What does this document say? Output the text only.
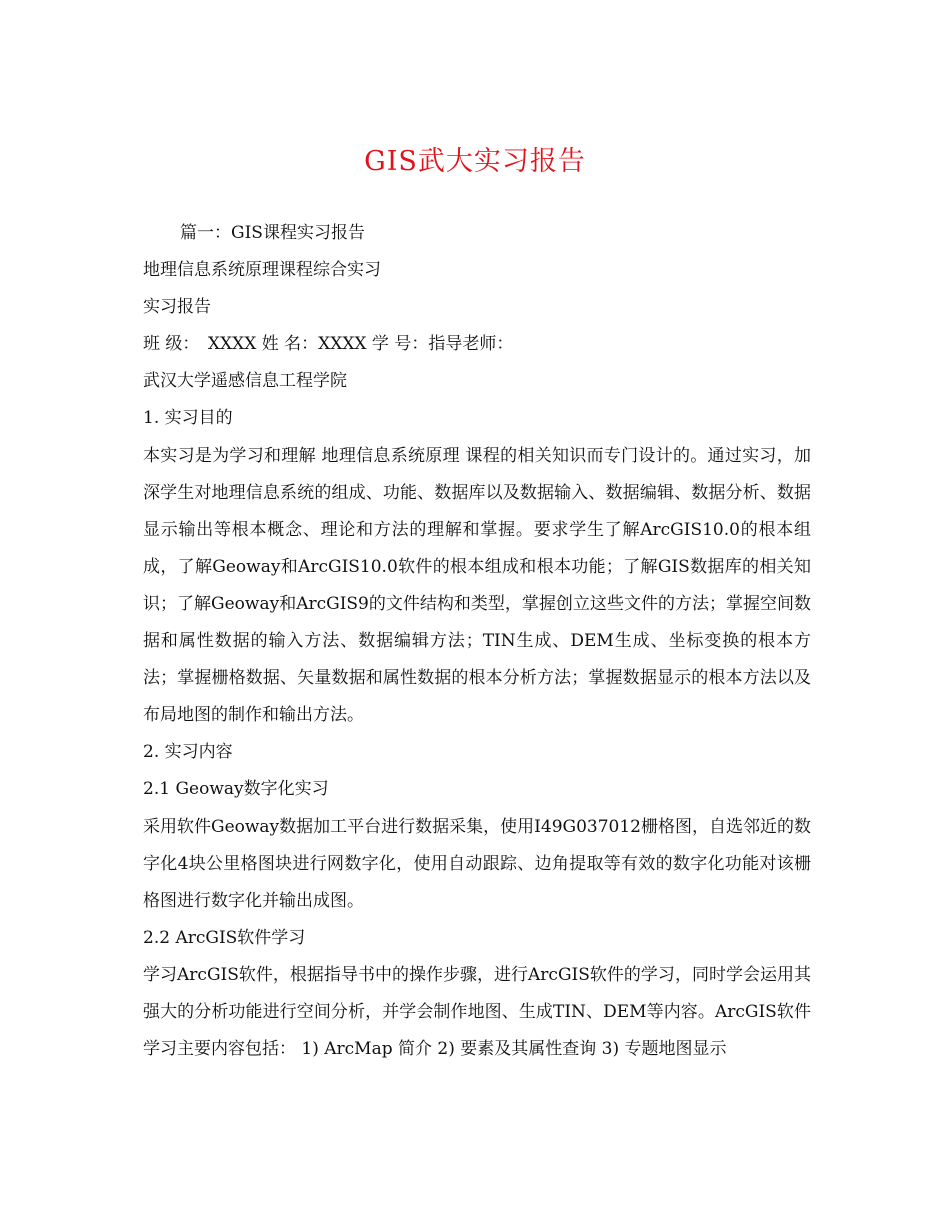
GIS武大实习报告

篇一：GIS课程实习报告

地理信息系统原理课程综合实习

实习报告

班 级：　XXXX 姓 名：XXXX 学 号：指导老师：

武汉大学遥感信息工程学院

1. 实习目的

本实习是为学习和理解 地理信息系统原理 课程的相关知识而专门设计的。通过实习，加深学生对地理信息系统的组成、功能、数据库以及数据输入、数据编辑、数据分析、数据显示输出等根本概念、理论和方法的理解和掌握。要求学生了解ArcGIS10.0的根本组成，了解Geoway和ArcGIS10.0软件的根本组成和根本功能；了解GIS数据库的相关知识；了解Geoway和ArcGIS9的文件结构和类型，掌握创立这些文件的方法；掌握空间数据和属性数据的输入方法、数据编辑方法；TIN生成、DEM生成、坐标变换的根本方法；掌握栅格数据、矢量数据和属性数据的根本分析方法；掌握数据显示的根本方法以及布局地图的制作和输出方法。

2. 实习内容

2.1 Geoway数字化实习

采用软件Geoway数据加工平台进行数据采集，使用I49G037012栅格图，自选邻近的数字化4块公里格图块进行网数字化，使用自动跟踪、边角提取等有效的数字化功能对该栅格图进行数字化并输出成图。

2.2 ArcGIS软件学习

学习ArcGIS软件，根据指导书中的操作步骤，进行ArcGIS软件的学习，同时学会运用其强大的分析功能进行空间分析，并学会制作地图、生成TIN、DEM等内容。ArcGIS软件学习主要内容包括： 1) ArcMap 简介 2) 要素及其属性查询 3) 专题地图显示
